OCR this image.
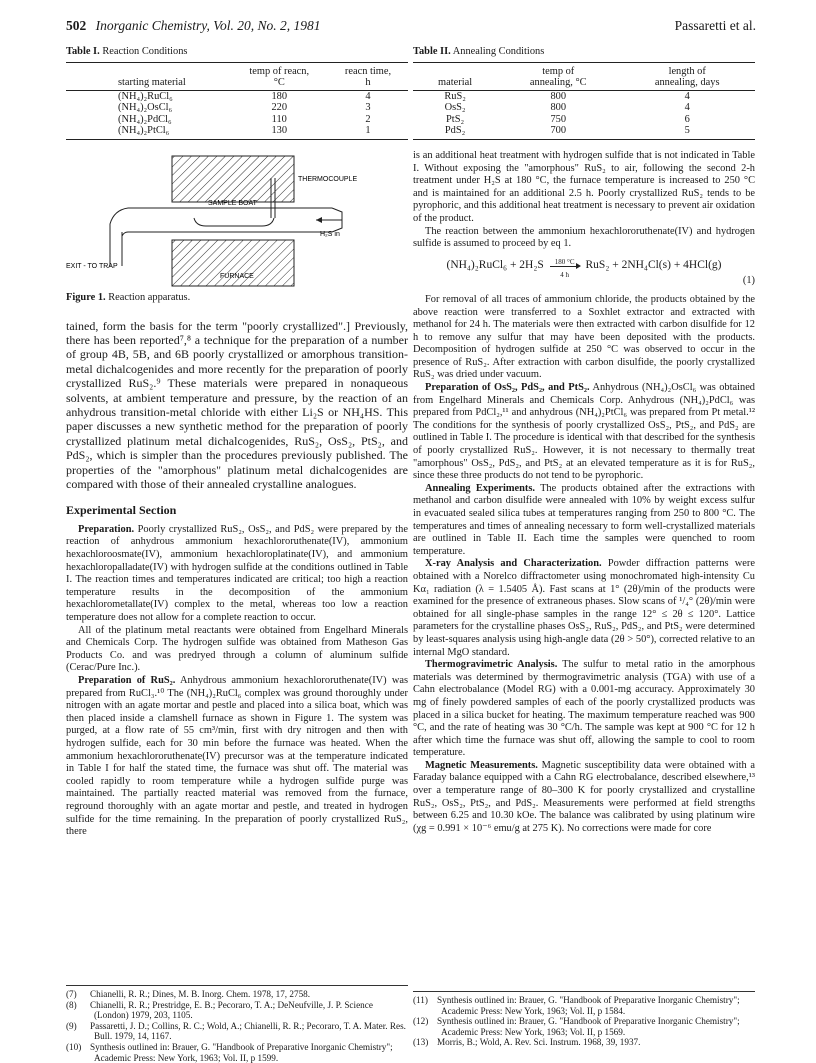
502 Inorganic Chemistry, Vol. 20, No. 2, 1981	Passaretti et al.
Table I. Reaction Conditions
	temp of reacn,	reacn time,
starting material	°C	h
(NH₄)₂RuCl₆	180	4
(NH₄)₂OsCl₆	220	3
(NH₄)₂PdCl₆	110	2
(NH₄)₂PtCl₆	130	1
THERMOCOUPLE
SAMPLE BOAT
H₂S in
EXIT - TO TRAP
FURNACE
Figure 1. Reaction apparatus.

tained, form the basis for the term "poorly crystallized".] Previously, there has been reported⁷,⁸ a technique for the preparation of a number of group 4B, 5B, and 6B poorly crystallized or amorphous transition-metal dichalcogenides and more recently for the preparation of poorly crystallized RuS₂.⁹ These materials were prepared in nonaqueous solvents, at ambient temperature and pressure, by the reaction of an anhydrous transition-metal chloride with either Li₂S or NH₄HS. This paper discusses a new synthetic method for the preparation of poorly crystallized platinum metal dichalcogenides, RuS₂, OsS₂, PtS₂, and PdS₂, which is simpler than the procedures previously published. The properties of the "amorphous" platinum metal dichalcogenides are compared with those of their annealed crystalline analogues.

Experimental Section

Preparation. Poorly crystallized RuS₂, OsS₂, and PdS₂ were prepared by the reaction of anhydrous ammonium hexachlororuthenate(IV), ammonium hexachloroosmate(IV), ammonium hexachloroplatinate(IV), and ammonium hexachloropalladate(IV) with hydrogen sulfide at the conditions outlined in Table I. The reaction times and temperatures indicated are critical; too high a reaction temperature results in the decomposition of the ammonium hexachlorometallate(IV) complex to the metal, whereas too low a reaction temperature does not allow for a complete reaction to occur.

All of the platinum metal reactants were obtained from Engelhard Minerals and Chemicals Corp. The hydrogen sulfide was obtained from Matheson Gas Products Co. and was predryed through a column of aluminum sulfide (Cerac/Pure Inc.).

Preparation of RuS₂. Anhydrous ammonium hexachlororuthenate(IV) was prepared from RuCl₃.¹⁰ The (NH₄)₂RuCl₆ complex was ground thoroughly under nitrogen with an agate mortar and pestle and placed into a silica boat, which was then placed inside a clamshell furnace as shown in Figure 1. The system was purged, at a flow rate of 55 cm³/min, first with dry nitrogen and then with hydrogen sulfide, each for 30 min before the furnace was heated. When the ammonium hexachlororuthenate(IV) precursor was at the temperature indicated in Table I for half the stated time, the furnace was shut off. The material was cooled rapidly to room temperature while a hydrogen sulfide purge was maintained. The partially reacted material was removed from the furnace, reground thoroughly with an agate mortar and pestle, and treated in hydrogen sulfide for the time remaining. In the preparation of poorly crystallized RuS₂, there

Table II. Annealing Conditions
	temp of	length of
material	annealing, °C	annealing, days
RuS₂	800	4
OsS₂	800	4
PtS₂	750	6
PdS₂	700	5

is an additional heat treatment with hydrogen sulfide that is not indicated in Table I. Without exposing the "amorphous" RuS₂ to air, following the second 2-h treatment under H₂S at 180 °C, the furnace temperature is increased to 250 °C and is maintained for an additional 2.5 h. Poorly crystallized RuS₂ tends to be pyrophoric, and this additional heat treatment is necessary to prevent air oxidation of the product.

The reaction between the ammonium hexachlororuthenate(IV) and hydrogen sulfide is assumed to proceed by eq 1.

(NH₄)₂RuCl₆ + $2H_2S \frac{180 ^\circ C}{4 h} RuS_2 + 2NH_4Cl(s) + 4HCl(g)$
(1)

For removal of all traces of ammonium chloride, the products obtained by the above reaction were transferred to a Soxhlet extractor and extracted with methanol for 24 h. The materials were then extracted with carbon disulfide for 12 h to remove any sulfur that may have been deposited with the products. Decomposition of hydrogen sulfide at 250 °C was observed to occur in the presence of RuS₂. After extraction with carbon disulfide, the poorly crystallized RuS₂ was dried under vacuum.

Preparation of OsS₂, PdS₂, and PtS₂. Anhydrous (NH₄)₂OsCl₆ was obtained from Engelhard Minerals and Chemicals Corp. Anhydrous (NH₄)₂PdCl₆ was prepared from PdCl₂,¹¹ and anhydrous (NH₄)₂PtCl₆ was prepared from Pt metal.¹² The conditions for the synthesis of poorly crystallized OsS₂, PtS₂, and PdS₂ are outlined in Table I. The procedure is identical with that described for the synthesis of poorly crystallized RuS₂. However, it is not necessary to thermally treat "amorphous" OsS₂, PdS₂, and PtS₂ at an elevated temperature as it is for RuS₂, since these three products do not tend to be pyrophoric.

Annealing Experiments. The products obtained after the extractions with methanol and carbon disulfide were annealed with 10% by weight excess sulfur in evacuated sealed silica tubes at temperatures ranging from 250 to 800 °C. The temperatures and times of annealing necessary to form well-crystallized materials are outlined in Table II. Each time the samples were quenched to room temperature.

X-ray Analysis and Characterization. Powder diffraction patterns were obtained with a Norelco diffractometer using monochromated high-intensity Cu Kα₁ radiation (λ = 1.5405 Å). Fast scans at 1° (2θ)/min of the products were examined for the presence of extraneous phases. Slow scans of ¹/₄° (2θ)/min were obtained for all single-phase samples in the range 12° ≤ 2θ ≤ 120°. Lattice parameters for the crystalline phases OsS₂, RuS₂, PdS₂, and PtS₂ were determined by least-squares analysis using high-angle data (2θ > 50°), corrected relative to an internal MgO standard.

Thermogravimetric Analysis. The sulfur to metal ratio in the amorphous materials was determined by thermogravimetric analysis (TGA) with use of a Cahn electrobalance (Model RG) with a 0.001-mg accuracy. Approximately 30 mg of finely powdered samples of each of the poorly crystallized products was placed in a silica bucket for heating. The maximum temperature reached was 900 °C, and the rate of heating was 30 °C/h. The sample was kept at 900 °C for 12 h after which time the furnace was shut off, allowing the sample to cool to room temperature.

Magnetic Measurements. Magnetic susceptibility data were obtained with a Faraday balance equipped with a Cahn RG electrobalance, described elsewhere,¹³ over a temperature range of 80–300 K for poorly crystallized and crystalline RuS₂, OsS₂, PtS₂, and PdS₂. Measurements were performed at field strengths between 6.25 and 10.30 kOe. The balance was calibrated by using platinum wire (χg = 0.991 × 10⁻⁶ emu/g at 275 K). No corrections were made for core

(7) Chianelli, R. R.; Dines, M. B. Inorg. Chem. 1978, 17, 2758.
(8) Chianelli, R. R.; Prestridge, E. B.; Pecoraro, T. A.; DeNeufville, J. P. Science (London) 1979, 203, 1105.
(9) Passaretti, J. D.; Collins, R. C.; Wold, A.; Chianelli, R. R.; Pecoraro, T. A. Mater. Res. Bull. 1979, 14, 1167.
(10) Synthesis outlined in: Brauer, G. "Handbook of Preparative Inorganic Chemistry"; Academic Press: New York, 1963; Vol. II, p 1599.
(11) Synthesis outlined in: Brauer, G. "Handbook of Preparative Inorganic Chemistry"; Academic Press: New York, 1963; Vol. II, p 1584.
(12) Synthesis outlined in: Brauer, G. "Handbook of Preparative Inorganic Chemistry"; Academic Press: New York, 1963; Vol. II, p 1569.
(13) Morris, B.; Wold, A. Rev. Sci. Instrum. 1968, 39, 1937.
